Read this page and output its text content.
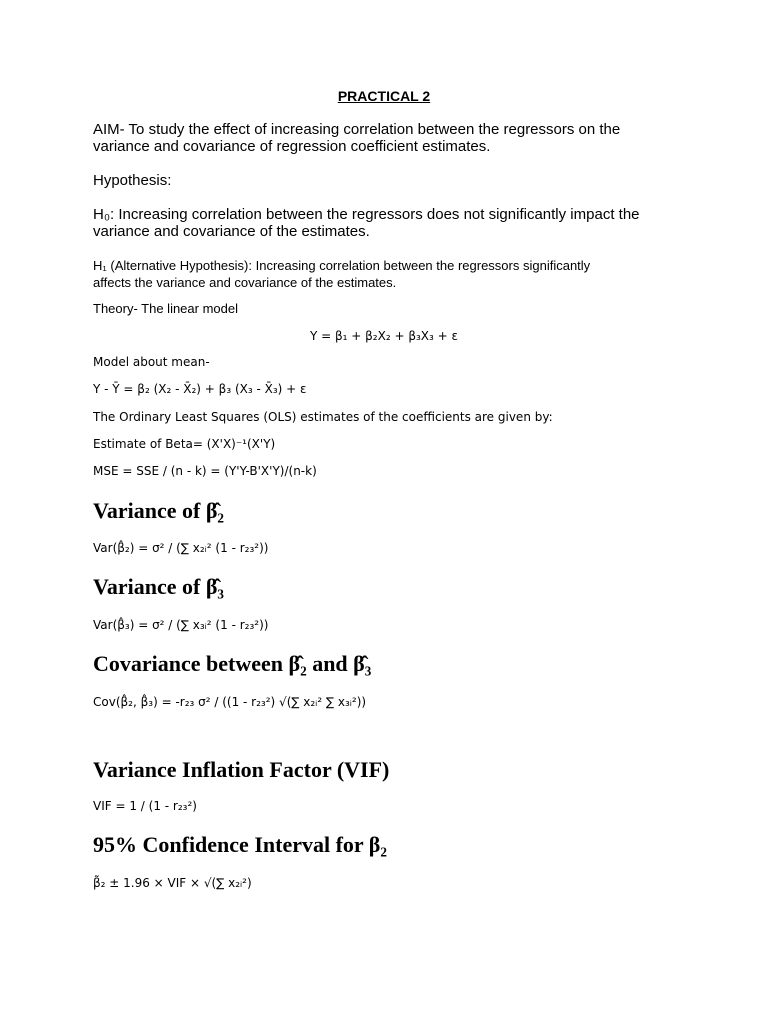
PRACTICAL 2
AIM- To study the effect of increasing correlation between the regressors on the
variance and covariance of regression coefficient estimates.
Hypothesis:
H₀: Increasing correlation between the regressors does not significantly impact the
variance and covariance of the estimates.
H₁ (Alternative Hypothesis): Increasing correlation between the regressors significantly
affects the variance and covariance of the estimates.
Theory- The linear model
Y = β₁ + β₂X₂ + β₃X₃ + ε
Model about mean-
Y - Ȳ = β₂ (X₂ - X̄₂) + β₃ (X₃ - X̄₃) + ε
The Ordinary Least Squares (OLS) estimates of the coefficients are given by:
Estimate of Beta= (X'X)⁻¹(X'Y)
MSE = SSE / (n - k) = (Y'Y-B'X'Y)/(n-k)
Variance of β̂₂
Var(β̂₂) = σ² / (∑ x₂ᵢ² (1 - r₂₃²))
Variance of β̂₃
Var(β̂₃) = σ² / (∑ x₃ᵢ² (1 - r₂₃²))
Covariance between β̂₂ and β̂₃
Cov(β̂₂, β̂₃) = -r₂₃ σ² / ((1 - r₂₃²) √(∑ x₂ᵢ² ∑ x₃ᵢ²))
Variance Inflation Factor (VIF)
VIF = 1 / (1 - r₂₃²)
95% Confidence Interval for β₂
β̃₂ ± 1.96 × VIF × √(∑ x₂ᵢ²)
